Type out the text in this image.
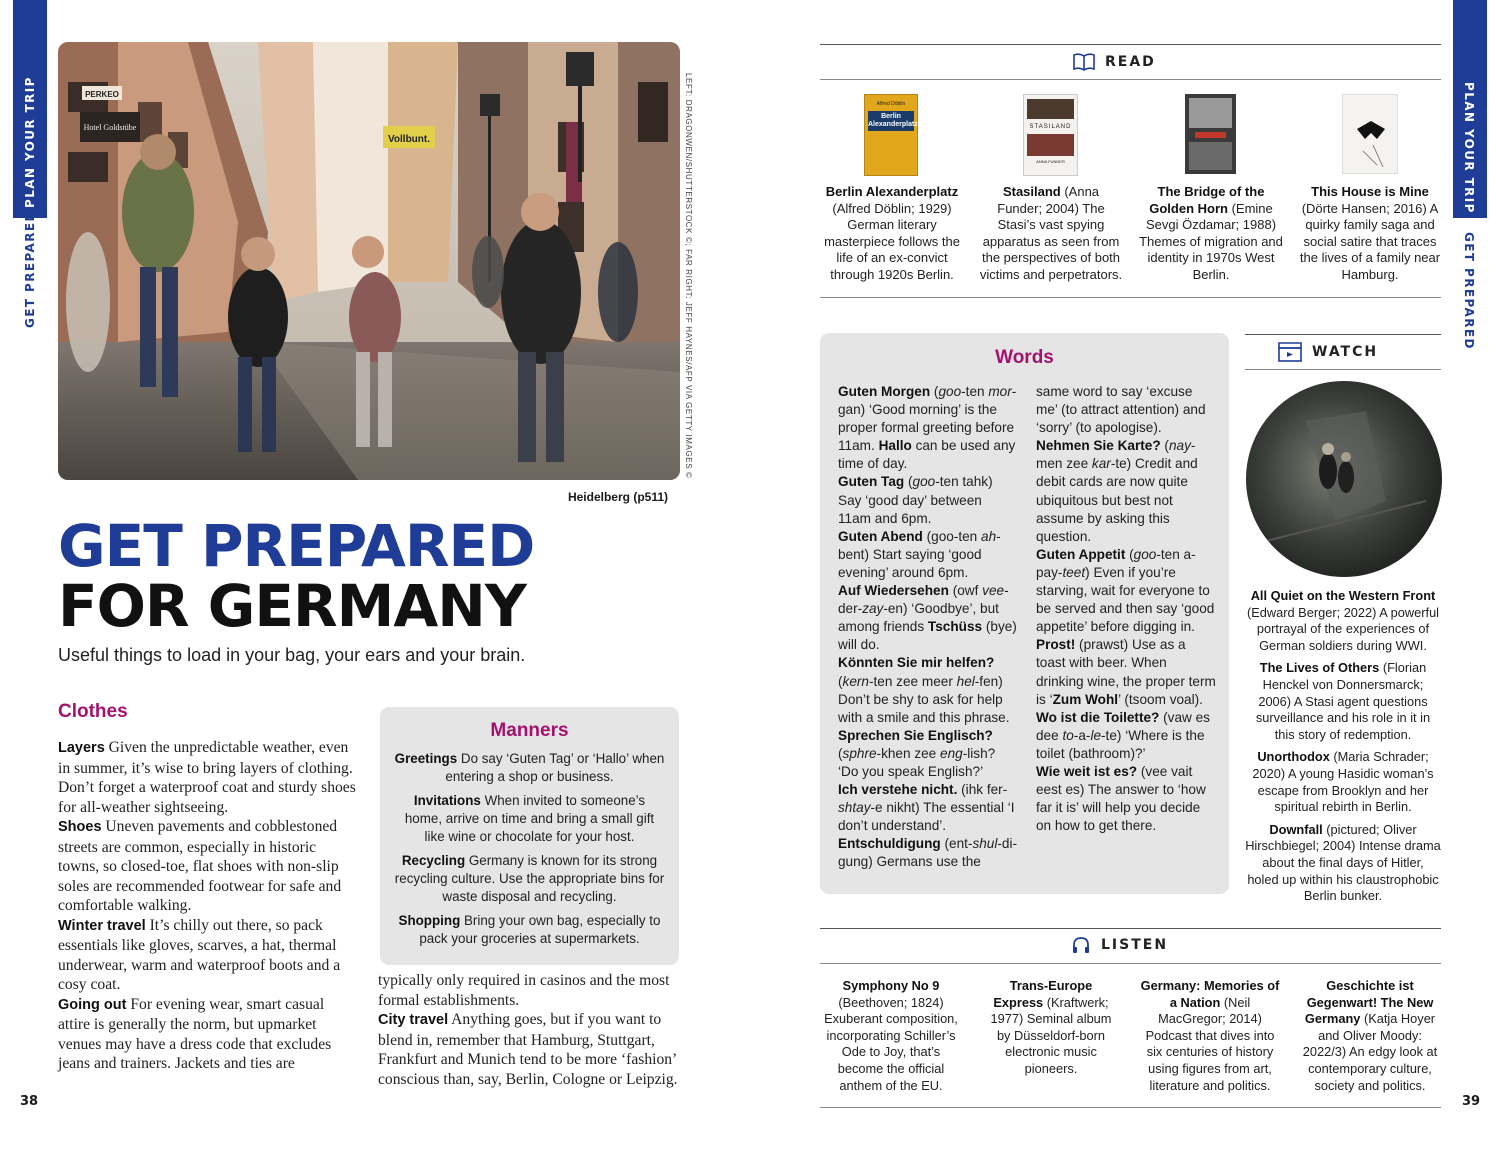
PLAN YOUR TRIP
GET PREPARED
38
PLAN YOUR TRIP
GET PREPARED
39
Vollbunt.
Hotel Goldstübe
PERKEO	LEFT: DRAGONWEN/SHUTTERSTOCK ©; FAR RIGHT: JEFF HAYNES/AFP VIA GETTY IMAGES ©
Heidelberg (p511)
GET PREPARED
FOR GERMANY
Useful things to load in your bag, your ears and your brain.
Clothes
Layers Given the unpredictable weather, even in summer, it’s wise to bring layers of clothing. Don’t forget a waterproof coat and sturdy shoes for all-weather sightseeing.
Shoes Uneven pavements and cobblestoned streets are common, especially in historic towns, so closed-toe, flat shoes with non-slip soles are recommended footwear for safe and comfortable walking.
Winter travel It’s chilly out there, so pack essentials like gloves, scarves, a hat, thermal underwear, warm and waterproof boots and a cosy coat.
Going out For evening wear, smart casual attire is generally the norm, but upmarket venues may have a dress code that excludes jeans and trainers. Jackets and ties are
typically only required in casinos and the most formal establishments.
City travel Anything goes, but if you want to blend in, remember that Hamburg, Stuttgart, Frankfurt and Munich tend to be more ‘fashion’ conscious than, say, Berlin, Cologne or Leipzig.
Manners

Greetings Do say ‘Guten Tag’ or ‘Hallo’ when entering a shop or business.

Invitations When invited to someone’s home, arrive on time and bring a small gift like wine or chocolate for your host.

Recycling Germany is known for its strong recycling culture. Use the appropriate bins for waste disposal and recycling.

Shopping Bring your own bag, especially to pack your groceries at supermarkets.

READ
Alfred Döblin
Berlin Alexanderplatz	STASILAND
ANNA FUNDER
Berlin Alexanderplatz (Alfred Döblin; 1929) German literary masterpiece follows the life of an ex-convict through 1920s Berlin.
Stasiland (Anna Funder; 2004) The Stasi’s vast spying apparatus as seen from the perspectives of both victims and perpetrators.
The Bridge of the Golden Horn (Emine Sevgi Özdamar; 1988) Themes of migration and identity in 1970s West Berlin.
This House is Mine (Dörte Hansen; 2016) A quirky family saga and social satire that traces the lives of a family near Hamburg.
Words
Guten Morgen (goo-ten mor-gan) ‘Good morning’ is the proper formal greeting before 11am. Hallo can be used any time of day.
Guten Tag (goo-ten tahk) Say ‘good day’ between 11am and 6pm.
Guten Abend (goo-ten ah-bent) Start saying ‘good evening’ around 6pm.
Auf Wiedersehen (owf vee-der-zay-en) ‘Goodbye’, but among friends Tschüss (bye) will do.
Könnten Sie mir helfen? (kern-ten zee meer hel-fen) Don’t be shy to ask for help with a smile and this phrase.
Sprechen Sie Englisch? (sphre-khen zee eng-lish? ‘Do you speak English?’
Ich verstehe nicht. (ihk fer-shtay-e nikht) The essential ‘I don’t understand’.
Entschuldigung (ent-shul-di-gung) Germans use the
same word to say ‘excuse me’ (to attract attention) and ‘sorry’ (to apologise).
Nehmen Sie Karte? (nay-men zee kar-te) Credit and debit cards are now quite ubiquitous but best not assume by asking this question.
Guten Appetit (goo-ten a-pay-teet) Even if you’re starving, wait for everyone to be served and then say ‘good appetite’ before digging in.
Prost! (prawst) Use as a toast with beer. When drinking wine, the proper term is ‘Zum Wohl’ (tsoom voal).
Wo ist die Toilette? (vaw es dee to-a-le-te) ‘Where is the toilet (bathroom)?’
Wie weit ist es? (vee vait eest es) The answer to ‘how far it is’ will help you decide on how to get there.
WATCH

All Quiet on the Western Front (Edward Berger; 2022) A powerful portrayal of the experiences of German soldiers during WWI.

The Lives of Others (Florian Henckel von Donnersmarck; 2006) A Stasi agent questions surveillance and his role in it in this story of redemption.

Unorthodox (Maria Schrader; 2020) A young Hasidic woman’s escape from Brooklyn and her spiritual rebirth in Berlin.

Downfall (pictured; Oliver Hirschbiegel; 2004) Intense drama about the final days of Hitler, holed up within his claustrophobic Berlin bunker.

LISTEN
Symphony No 9 (Beethoven; 1824) Exuberant composition, incorporating Schiller’s Ode to Joy, that’s become the official anthem of the EU.
Trans-Europe Express (Kraftwerk; 1977) Seminal album by Düsseldorf-born electronic music pioneers.
Germany: Memories of a Nation (Neil MacGregor; 2014) Podcast that dives into six centuries of history using figures from art, literature and politics.
Geschichte ist Gegenwart! The New Germany (Katja Hoyer and Oliver Moody: 2022/3) An edgy look at contemporary culture, society and politics.
